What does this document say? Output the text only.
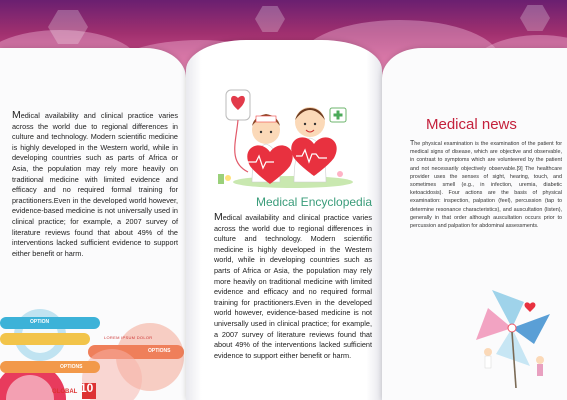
Medical availability and clinical practice varies across the world due to regional differences in culture and technology. Modern scientific medicine is highly developed in the Western world, while in developing countries such as parts of Africa or Asia, the population may rely more heavily on traditional medicine with limited evidence and efficacy and no required formal training for practitioners.Even in the developed world however, evidence-based medicine is not universally used in clinical practice; for example, a 2007 survey of literature reviews found that about 49% of the interventions lacked sufficient evidence to support either benefit or harm.

OPTION
OPTIONS
OPTIONS
LOREM IPSUM DOLOR
GLOBAL 10
Medical Encyclopedia

Medical availability and clinical practice varies across the world due to regional differences in culture and technology. Modern scientific medicine is highly developed in the Western world, while in developing countries such as parts of Africa or Asia, the population may rely more heavily on traditional medicine with limited evidence and efficacy and no required formal training for practitioners.Even in the developed world however, evidence-based medicine is not universally used in clinical practice; for example, a 2007 survey of literature reviews found that about 49% of the interventions lacked sufficient evidence to support either benefit or harm.

Medical news

The physical examination is the examination of the patient for medical signs of disease, which are objective and observable, in contrast to symptoms which are volunteered by the patient and not necessarily objectively observable.[9] The healthcare provider uses the senses of sight, hearing, touch, and sometimes smell (e.g., in infection, uremia, diabetic ketoacidosis). Four actions are the basis of physical examination: inspection, palpation (feel), percussion (tap to determine resonance characteristics), and auscultation (listen), generally in that order although auscultation occurs prior to percussion and palpation for abdominal assessments.
